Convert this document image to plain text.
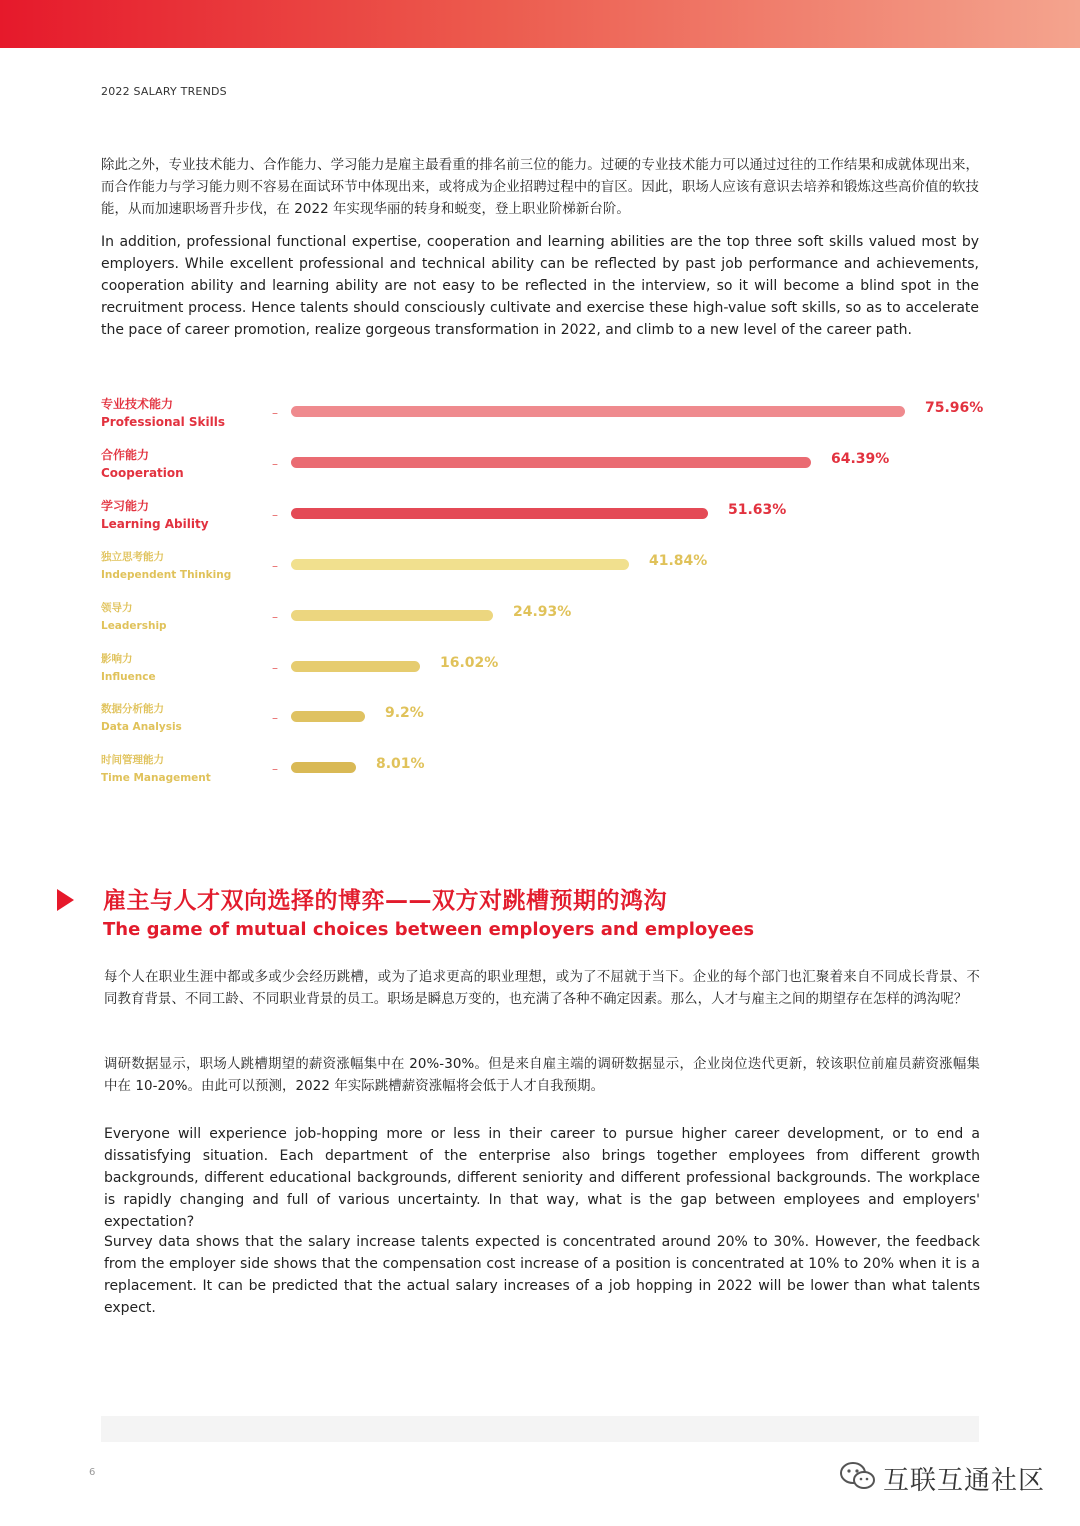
2022 SALARY TRENDS

除此之外，专业技术能力、合作能力、学习能力是雇主最看重的排名前三位的能力。过硬的专业技术能力可以通过过往的工作结果和成就体现出来，而合作能力与学习能力则不容易在面试环节中体现出来，或将成为企业招聘过程中的盲区。因此，职场人应该有意识去培养和锻炼这些高价值的软技能，从而加速职场晋升步伐，在 2022 年实现华丽的转身和蜕变，登上职业阶梯新台阶。

In addition, professional functional expertise, cooperation and learning abilities are the top three soft skills valued most by employers. While excellent professional and technical ability can be reflected by past job performance and achievements, cooperation ability and learning ability are not easy to be reflected in the interview, so it will become a blind spot in the recruitment process. Hence talents should consciously cultivate and exercise these high-value soft skills, so as to accelerate the pace of career promotion, realize gorgeous transformation in 2022, and climb to a new level of the career path.

专业技术能力
Professional Skills
–	75.96%
合作能力
Cooperation
–	64.39%
学习能力
Learning Ability
–	51.63%
独立思考能力
Independent Thinking
–	41.84%
领导力
Leadership
–	24.93%
影响力
Influence
–	16.02%
数据分析能力
Data Analysis
–	9.2%
时间管理能力
Time Management
–	8.01%
雇主与人才双向选择的博弈——双方对跳槽预期的鸿沟
The game of mutual choices between employers and employees

每个人在职业生涯中都或多或少会经历跳槽，或为了追求更高的职业理想，或为了不屈就于当下。企业的每个部门也汇聚着来自不同成长背景、不同教育背景、不同工龄、不同职业背景的员工。职场是瞬息万变的，也充满了各种不确定因素。那么，人才与雇主之间的期望存在怎样的鸿沟呢？

调研数据显示，职场人跳槽期望的薪资涨幅集中在 20%-30%。但是来自雇主端的调研数据显示，企业岗位迭代更新，较该职位前雇员薪资涨幅集中在 10-20%。由此可以预测，2022 年实际跳槽薪资涨幅将会低于人才自我预期。

Everyone will experience job-hopping more or less in their career to pursue higher career development, or to end a dissatisfying situation. Each department of the enterprise also brings together employees from different growth backgrounds, different educational backgrounds, different seniority and different professional backgrounds. The workplace is rapidly changing and full of various uncertainty. In that way, what is the gap between employees and employers' expectation?

Survey data shows that the salary increase talents expected is concentrated around 20% to 30%. However, the feedback from the employer side shows that the compensation cost increase of a position is concentrated at 10% to 20% when it is a replacement. It can be predicted that the actual salary increases of a job hopping in 2022 will be lower than what talents expect.

6	互联互通社区
